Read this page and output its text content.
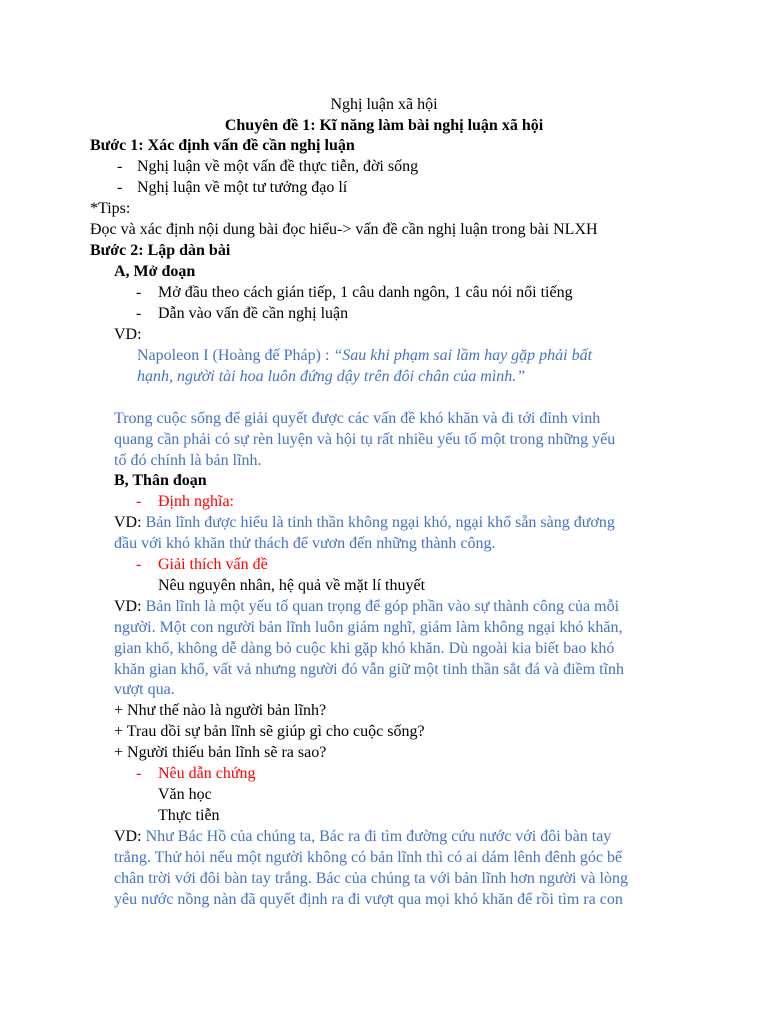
Nghị luận xã hội
Chuyên đề 1: Kĩ năng làm bài nghị luận xã hội
Bước 1: Xác định vấn đề cần nghị luận
- Nghị luận về một vấn đề thực tiễn, đời sống
- Nghị luận về một tư tưởng đạo lí
*Tips:
Đọc và xác định nội dung bài đọc hiểu-> vấn đề cần nghị luận trong bài NLXH
Bước 2: Lập dàn bài
A, Mở đoạn
- Mở đầu theo cách gián tiếp, 1 câu danh ngôn, 1 câu nói nổi tiếng
- Dẫn vào vấn đề cần nghị luận
VD:
Napoleon I (Hoàng đế Pháp) : “Sau khi phạm sai lầm hay gặp phải bất
hạnh, người tài hoa luôn đứng dậy trên đôi chân của mình.”
Trong cuộc sống để giải quyết được các vấn đề khó khăn và đi tới đỉnh vinh
quang cần phải có sự rèn luyện và hội tụ rất nhiều yếu tố một trong những yếu
tố đó chính là bản lĩnh.
B, Thân đoạn
- Định nghĩa:
VD: Bản lĩnh được hiểu là tinh thần không ngại khó, ngại khổ sẵn sàng đương
đầu với khó khăn thử thách để vươn đến những thành công.
- Giải thích vấn đề
Nêu nguyên nhân, hệ quả về mặt lí thuyết
VD: Bản lĩnh là một yếu tố quan trọng để góp phần vào sự thành công của mỗi
người. Một con người bản lĩnh luôn giám nghĩ, giám làm không ngại khó khăn,
gian khổ, không dễ dàng bỏ cuộc khi gặp khó khăn. Dù ngoài kia biết bao khó
khăn gian khổ, vất vả nhưng người đó vẫn giữ một tinh thần sắt đá và điềm tĩnh
vượt qua.
+ Như thế nào là người bản lĩnh?
+ Trau dồi sự bản lĩnh sẽ giúp gì cho cuộc sống?
+ Người thiếu bản lĩnh sẽ ra sao?
- Nêu dẫn chứng
Văn học
Thực tiễn
VD: Như Bác Hồ của chúng ta, Bác ra đi tìm đường cứu nước với đôi bàn tay
trắng. Thử hỏi nếu một người không có bản lĩnh thì có ai dám lênh đênh góc bể
chân trời với đôi bàn tay trắng. Bác của chúng ta với bản lĩnh hơn người và lòng
yêu nước nồng nàn đã quyết định ra đi vượt qua mọi khó khăn để rồi tìm ra con
